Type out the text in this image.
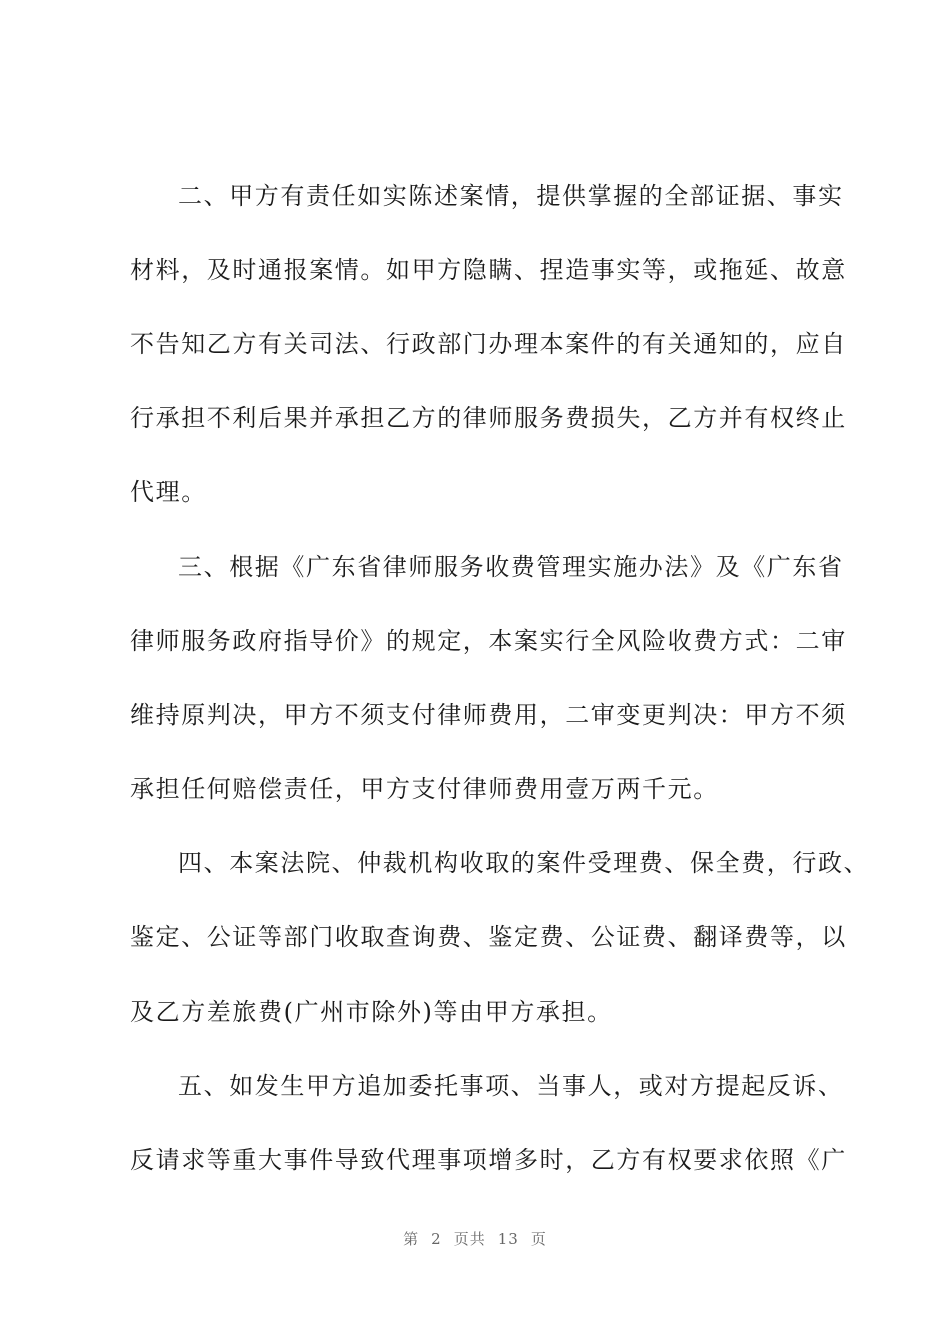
二、甲方有责任如实陈述案情，提供掌握的全部证据、事实
材料，及时通报案情。如甲方隐瞒、捏造事实等，或拖延、故意
不告知乙方有关司法、行政部门办理本案件的有关通知的，应自
行承担不利后果并承担乙方的律师服务费损失，乙方并有权终止
代理。
三、根据《广东省律师服务收费管理实施办法》及《广东省
律师服务政府指导价》的规定，本案实行全风险收费方式：二审
维持原判决，甲方不须支付律师费用，二审变更判决：甲方不须
承担任何赔偿责任，甲方支付律师费用壹万两千元。
四、本案法院、仲裁机构收取的案件受理费、保全费，行政、
鉴定、公证等部门收取查询费、鉴定费、公证费、翻译费等，以
及乙方差旅费(广州市除外)等由甲方承担。
五、如发生甲方追加委托事项、当事人，或对方提起反诉、
反请求等重大事件导致代理事项增多时，乙方有权要求依照《广
第 2 页共 13 页
